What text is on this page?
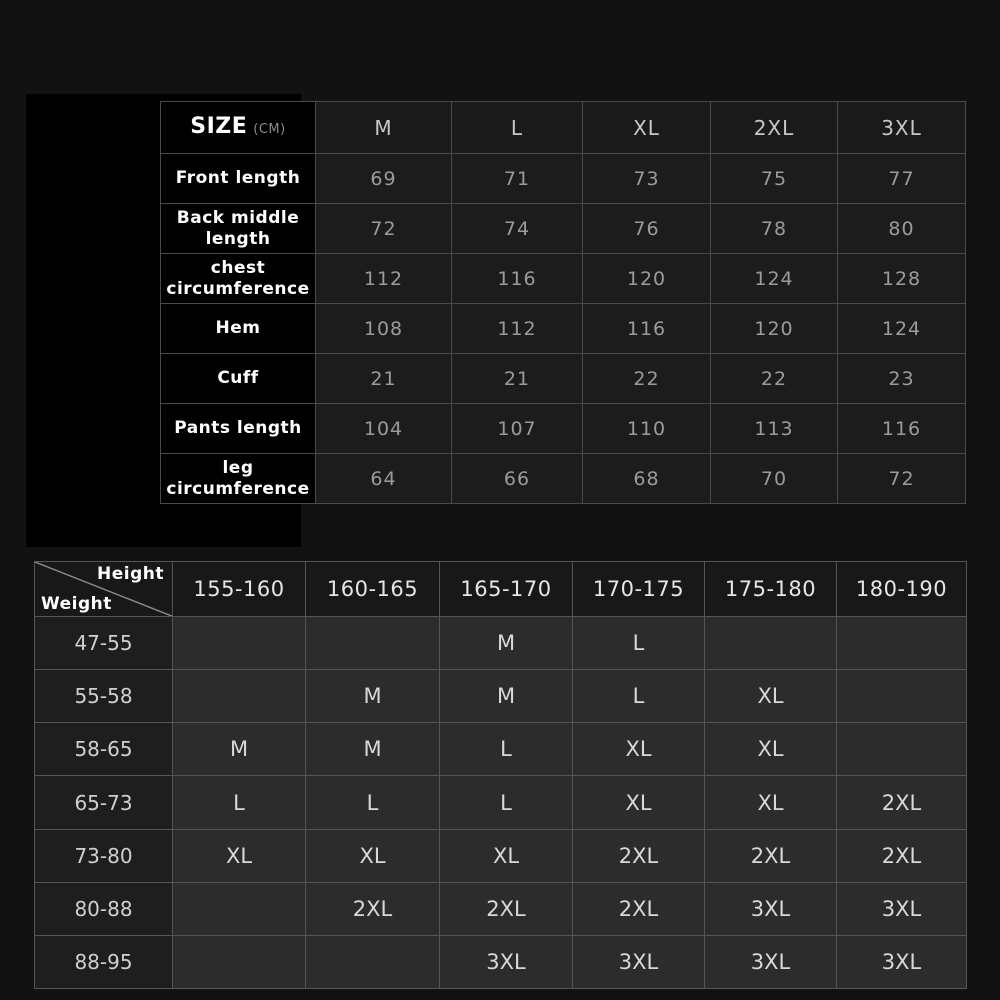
SIZE (CM)	M	L	XL	2XL	3XL
Front length	69	71	73	75	77
Back middle length	72	74	76	78	80
chest circumference	112	116	120	124	128
Hem	108	112	116	120	124
Cuff	21	21	22	22	23
Pants length	104	107	110	113	116
leg circumference	64	66	68	70	72
Height
Weight	155-160	160-165	165-170	170-175	175-180	180-190
47-55			M	L		
55-58		M	M	L	XL	
58-65	M	M	L	XL	XL	
65-73	L	L	L	XL	XL	2XL
73-80	XL	XL	XL	2XL	2XL	2XL
80-88		2XL	2XL	2XL	3XL	3XL
88-95			3XL	3XL	3XL	3XL
